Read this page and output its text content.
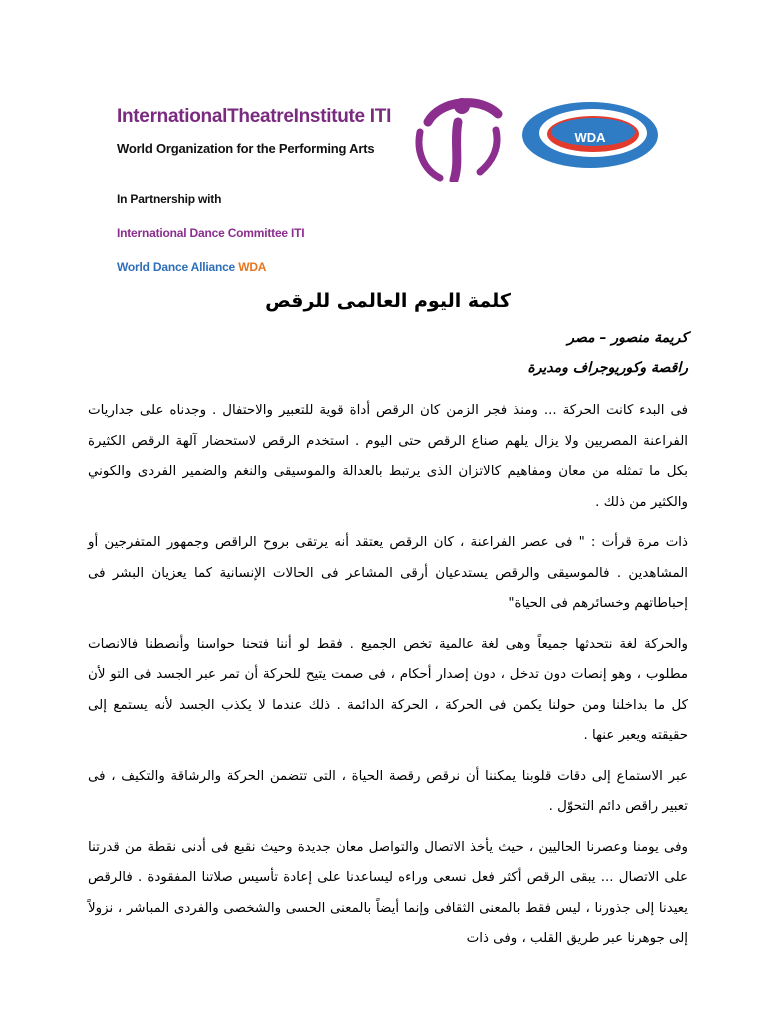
InternationalTheatreInstitute ITI
World Organization for the Performing Arts
In Partnership with
International Dance Committee ITI
World Dance Alliance WDA
WDA
كلمة اليوم العالمى للرقص
كريمة منصور – مصر
راقصة وكوريوجراف ومديرة

فى البدء كانت الحركة ... ومنذ فجر الزمن كان الرقص أداة قوية للتعبير والاحتفال . وجدناه على جداريات الفراعنة المصريين ولا يزال يلهم صناع الرقص حتى اليوم . استخدم الرقص لاستحضار آلهة الرقص الكثيرة بكل ما تمثله من معان ومفاهيم كالاتزان الذى يرتبط بالعدالة والموسيقى والنغم والضمير الفردى والكوني والكثير من ذلك .

ذات مرة قرأت : " فى عصر الفراعنة ، كان الرقص يعتقد أنه يرتقى بروح الراقص وجمهور المتفرجين أو المشاهدين . فالموسيقى والرقص يستدعيان أرقى المشاعر فى الحالات الإنسانية كما يعزيان البشر فى إحباطاتهم وخسائرهم فى الحياة"

والحركة لغة نتحدثها جميعاً وهى لغة عالمية تخص الجميع . فقط لو أننا فتحنا حواسنا وأنصطنا فالانصات مطلوب ، وهو إنصات دون تدخل ، دون إصدار أحكام ، فى صمت يتيح للحركة أن تمر عبر الجسد فى التو لأن كل ما بداخلنا ومن حولنا يكمن فى الحركة ، الحركة الدائمة . ذلك عندما لا يكذب الجسد لأنه يستمع إلى حقيقته ويعبر عنها .

عبر الاستماع إلى دقات قلوبنا يمكننا أن نرقص رقصة الحياة ، التى تتضمن الحركة والرشاقة والتكيف ، فى تعبير راقص دائم التحوّل .

وفى يومنا وعصرنا الحاليين ، حيث يأخذ الاتصال والتواصل معان جديدة وحيث نقبع فى أدنى نقطة من قدرتنا على الاتصال ... يبقى الرقص أكثر فعل نسعى وراءه ليساعدنا على إعادة تأسيس صلاتنا المفقودة . فالرقص يعيدنا إلى جذورنا ، ليس فقط بالمعنى الثقافى وإنما أيضاً بالمعنى الحسى والشخصى والفردى المباشر ، نزولاً إلى جوهرنا عبر طريق القلب ، وفى ذات
